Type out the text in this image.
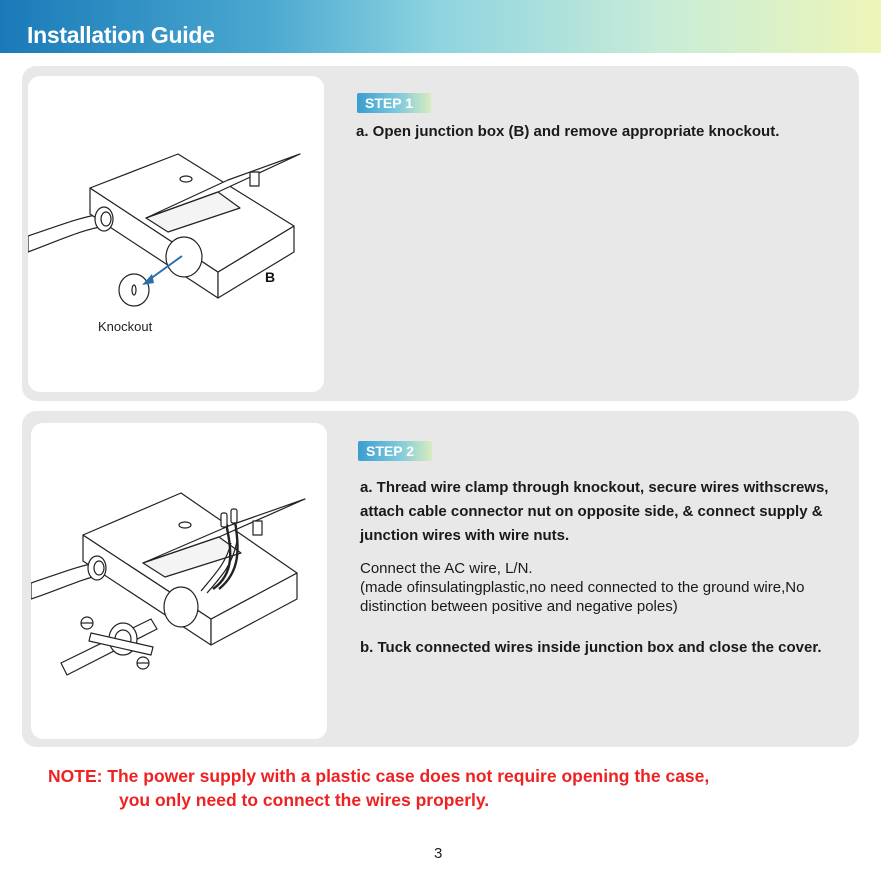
Installation Guide
B
Knockout
STEP 1
a. Open junction box (B) and remove appropriate knockout.
STEP 2
a. Thread wire clamp through knockout, secure wires withscrews, attach cable connector nut on opposite side, & connect supply & junction wires with wire nuts.
Connect the AC wire, L/N.
(made ofinsulatingplastic,no need connected to the ground wire,No distinction between positive and negative poles)
b. Tuck connected wires inside junction box and close the cover.
NOTE: The power supply with a plastic case does not require opening the case,
you only need to connect the wires properly.
3
